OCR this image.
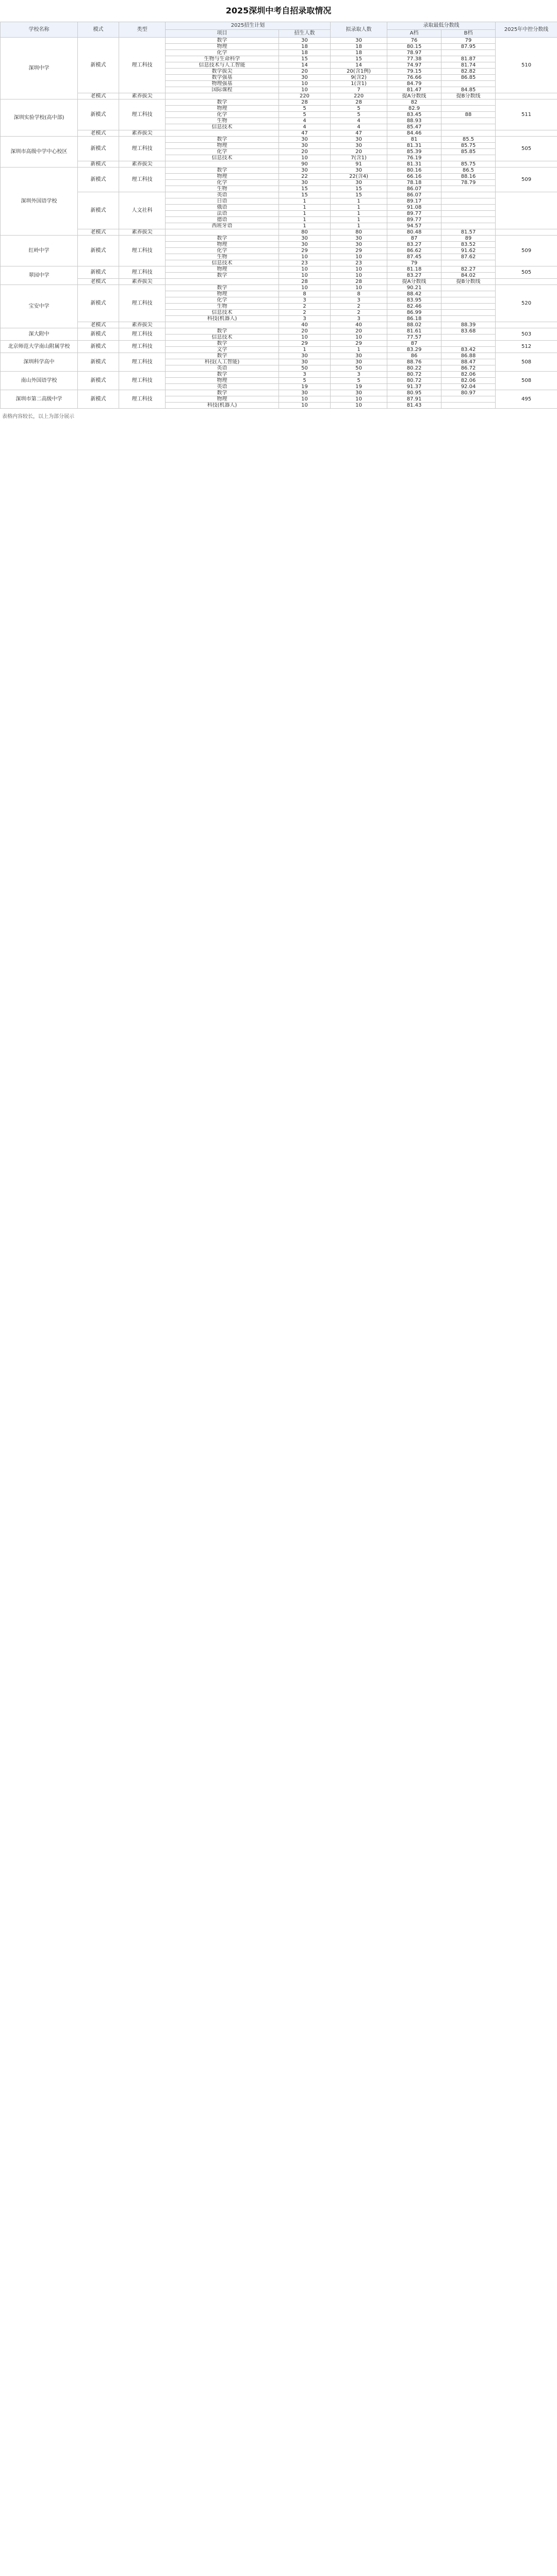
2025深圳中考自招录取情况
学校名称	模式	类型	2025招生计划		拟录取人数	录取最低分数线		2025年中控分数线
			项目	招生人数		A档	B档	
深圳中学	新模式	理工科技	数学	30	30	76	79	510
			物理	18	18	80.15	87.95	
			化学	18	18	78.97		
			生物与生命科学	15	15	77.38	81.87	
			信息技术与人工智能	14	14	74.97	81.74	
			数学拔尖	20	20(含1例)	79.15	82.82	
			数学强基	30	9(含2)	76.66	86.85	
			物理强基	10	1(含1)	84.79		
			国际课程	10	7	81.47	84.85	
	老模式	素养拔尖		220	220	提A分数线	提B分数线	
深圳实验学校(高中部)	新模式	理工科技	数学	28	28	82		511
			物理	5	5	82.9		
			化学	5	5	83.45	88	
			生物	4	4	88.93		
			信息技术	4	4	85.47		
	老模式	素养拔尖		47	47	84.46		
深圳市高级中学中心校区	新模式	理工科技	数学	30	30	81	85.5	505
			物理	30	30	81.31	85.75	
			化学	20	20	85.39	85.85	
			信息技术	10	7(含1)	76.19		
	新模式	素养拔尖		90	91	81.31	85.75	
深圳外国语学校	新模式	理工科技	数学	30	30	80.16	86.5	509
			物理	22	22(含4)	66.16	88.16	
			化学	30	30	78.18	78.79	
			生物	15	15	86.07		
	新模式	人文社科	英语	15	15	86.07		
			日语	1	1	89.17		
			俄语	1	1	91.08		
			法语	1	1	89.77		
			德语	1	1	89.77		
			西班牙语	1	1	94.57		
	老模式	素养拔尖		80	80	80.48	81.57	
红岭中学	新模式	理工科技	数学	30	30	87	89	509
			物理	30	30	83.27	83.52	
			化学	29	29	86.62	91.62	
			生物	10	10	87.45	87.62	
			信息技术	23	23	79		
翠园中学	新模式	理工科技	物理	10	10	81.18	82.27	505
			数学	10	10	83.27	84.02	
	老模式	素养拔尖		28	28	提A分数线	提B分数线	
宝安中学	新模式	理工科技	数学	10	10	90.21		520
			物理	8	8	88.42		
			化学	3	3	83.95		
			生物	2	2	82.46		
			信息技术	2	2	86.99		
			科技(机器人)	3	3	86.18		
	老模式	素养拔尖		40	40	88.02	88.39	
深大附中	新模式	理工科技	数学	20	20	81.61	83.68	503
			信息技术	10	10	77.57		
北京师范大学南山附属学校	新模式	理工科技	数学	29	29	87		512
			文学	1	1	83.29	83.42	
深圳科学高中	新模式	理工科技	数学	30	30	86	86.88	508
			科技(人工智能)	30	30	88.76	88.47	
			英语	50	50	80.22	86.72	
南山外国语学校	新模式	理工科技	数学	3	3	80.72	82.06	508
			物理	5	5	80.72	82.06	
			英语	19	19	91.37	92.04	
深圳市第二高级中学	新模式	理工科技	数学	30	30	80.95	80.97	495
			物理	10	10	87.91		
			科技(机器人)	10	10	81.43		
表格内容较长，以上为部分展示
